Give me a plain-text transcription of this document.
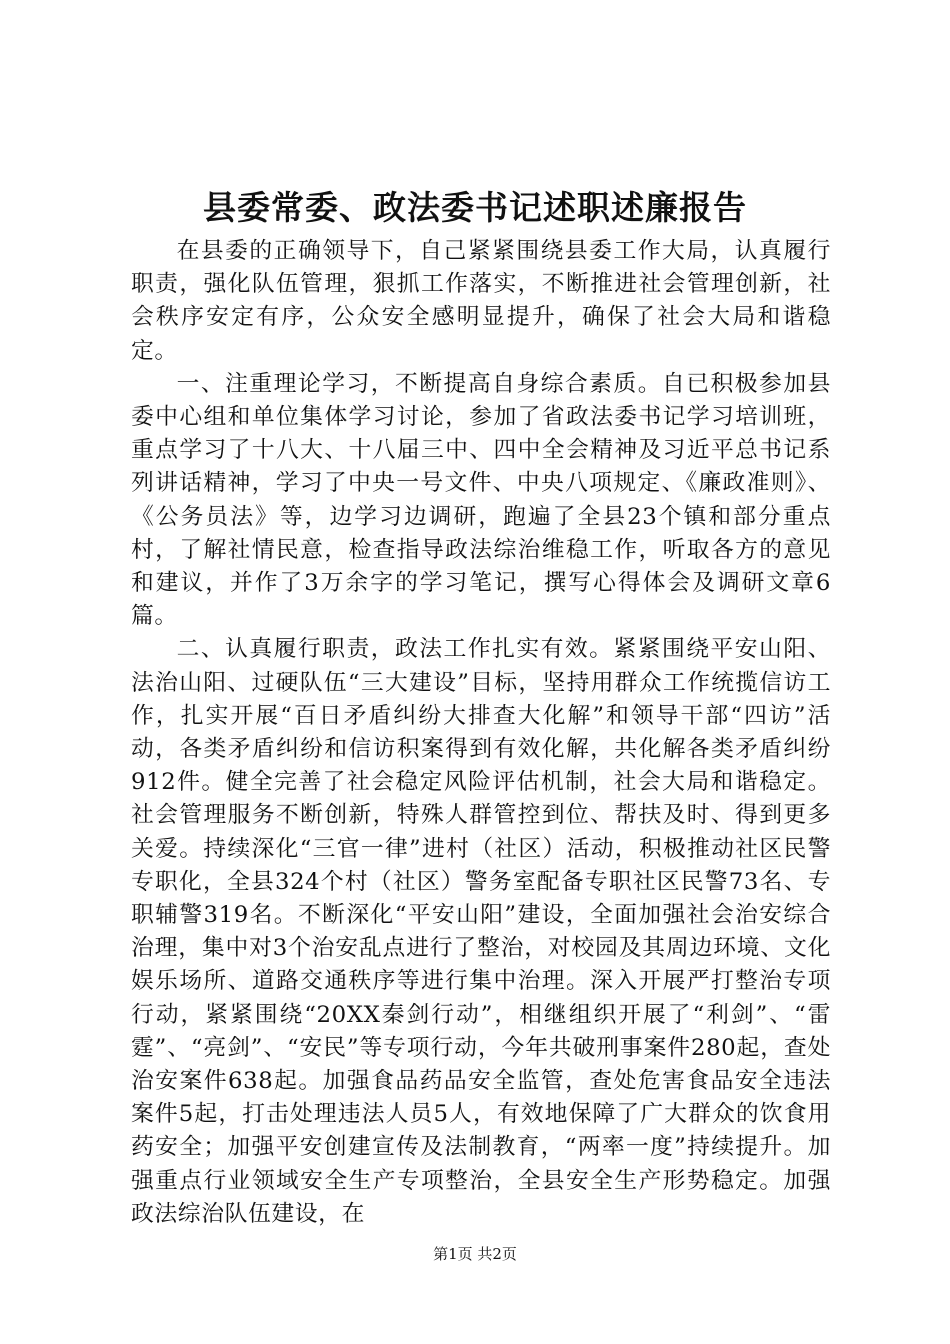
县委常委、政法委书记述职述廉报告

在县委的正确领导下，自己紧紧围绕县委工作大局，认真履行职责，强化队伍管理，狠抓工作落实，不断推进社会管理创新，社会秩序安定有序，公众安全感明显提升，确保了社会大局和谐稳定。

一、注重理论学习，不断提高自身综合素质。自已积极参加县委中心组和单位集体学习讨论，参加了省政法委书记学习培训班，重点学习了十八大、十八届三中、四中全会精神及习近平总书记系列讲话精神，学习了中央一号文件、中央八项规定、《廉政准则》、《公务员法》等，边学习边调研，跑遍了全县23个镇和部分重点村，了解社情民意，检查指导政法综治维稳工作，听取各方的意见和建议，并作了3万余字的学习笔记，撰写心得体会及调研文章6篇。

二、认真履行职责，政法工作扎实有效。紧紧围绕平安山阳、法治山阳、过硬队伍“三大建设”目标，坚持用群众工作统揽信访工作，扎实开展“百日矛盾纠纷大排查大化解”和领导干部“四访”活动，各类矛盾纠纷和信访积案得到有效化解，共化解各类矛盾纠纷912件。健全完善了社会稳定风险评估机制，社会大局和谐稳定。社会管理服务不断创新，特殊人群管控到位、帮扶及时、得到更多关爱。持续深化“三官一律”进村（社区）活动，积极推动社区民警专职化，全县324个村（社区）警务室配备专职社区民警73名、专职辅警319名。不断深化“平安山阳”建设，全面加强社会治安综合治理，集中对3个治安乱点进行了整治，对校园及其周边环境、文化娱乐场所、道路交通秩序等进行集中治理。深入开展严打整治专项行动，紧紧围绕“20XX秦剑行动”，相继组织开展了“利剑”、“雷霆”、“亮剑”、“安民”等专项行动，今年共破刑事案件280起，查处治安案件638起。加强食品药品安全监管，查处危害食品安全违法案件5起，打击处理违法人员5人，有效地保障了广大群众的饮食用药安全；加强平安创建宣传及法制教育，“两率一度”持续提升。加强重点行业领域安全生产专项整治，全县安全生产形势稳定。加强政法综治队伍建设，在

第1页 共2页
